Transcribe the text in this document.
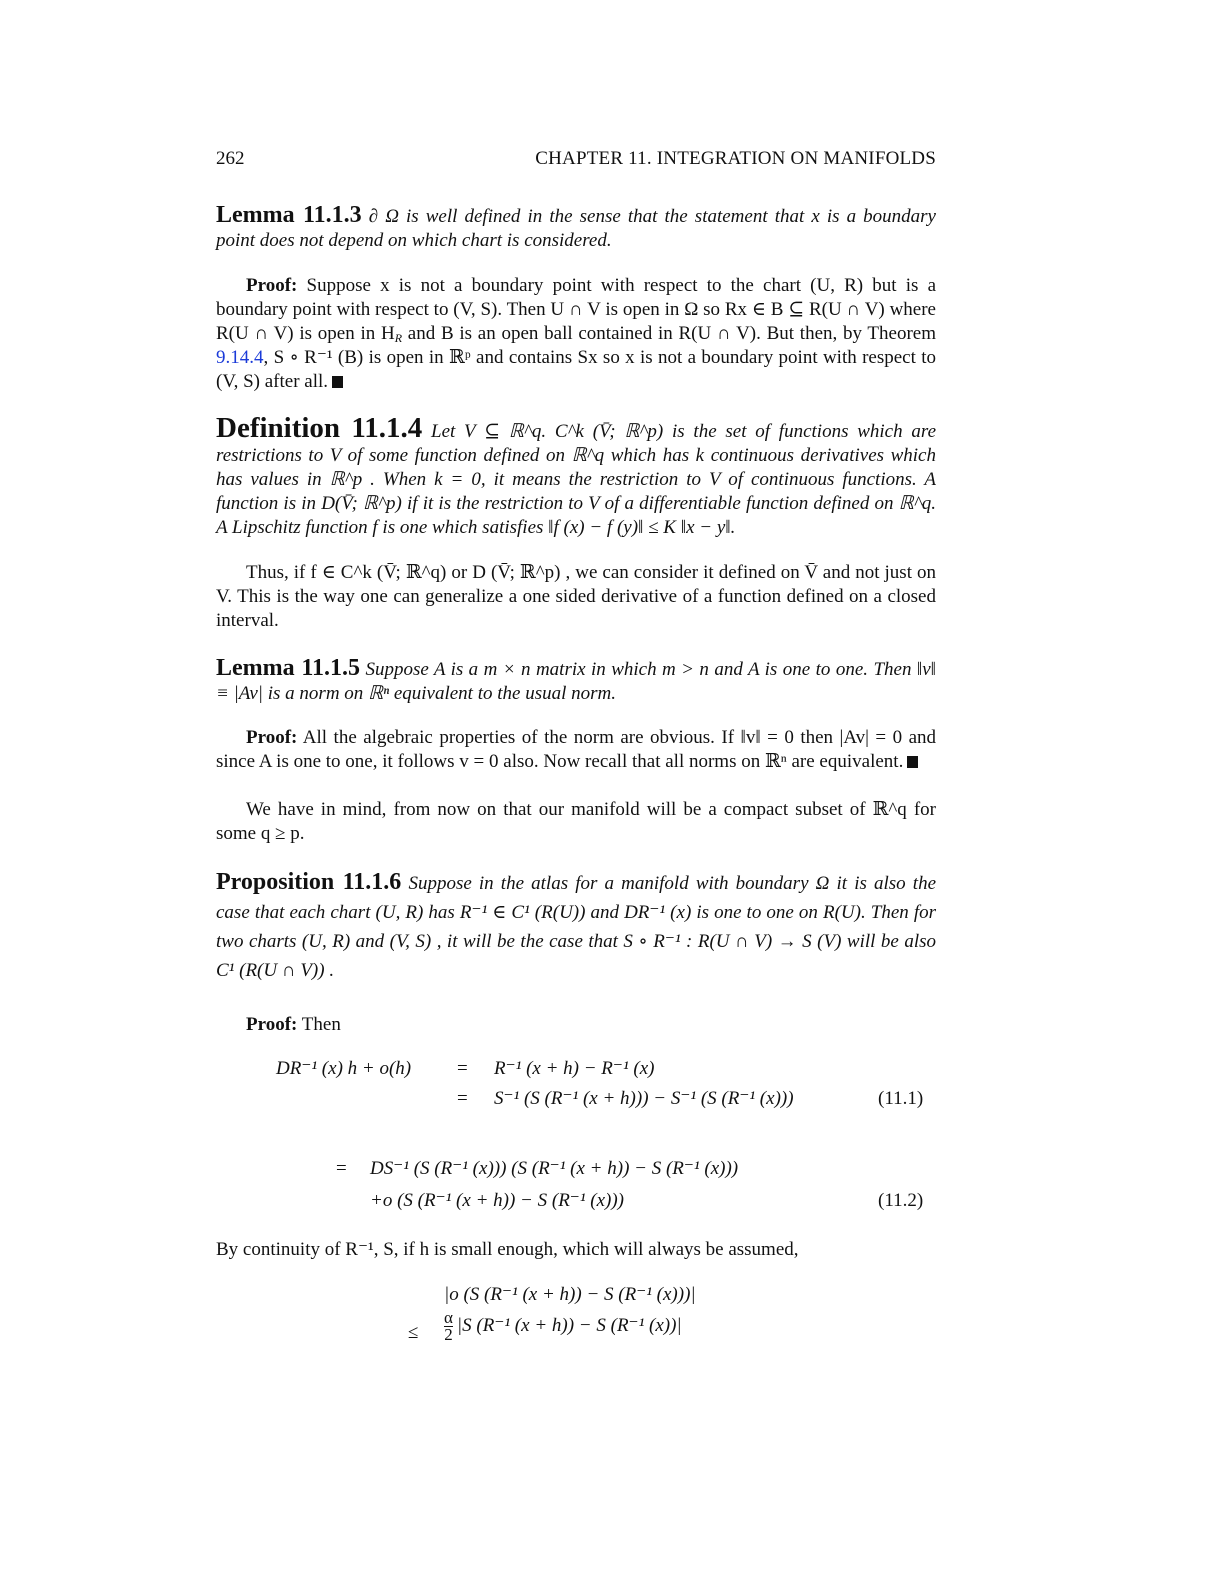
262	CHAPTER 11. INTEGRATION ON MANIFOLDS
Lemma 11.1.3 ∂ Ω is well defined in the sense that the statement that x is a boundary point does not depend on which chart is considered.
Proof: Suppose x is not a boundary point with respect to the chart (U, R) but is a boundary point with respect to (V, S). Then U ∩ V is open in Ω so Rx ∈ B ⊆ R(U ∩ V) where R(U ∩ V) is open in $H_R$ and B is an open ball contained in R(U ∩ V). But then, by Theorem 9.14.4, S ∘ R⁻¹ (B) is open in ℝᵖ and contains Sx so x is not a boundary point with respect to (V, S) after all.
Definition 11.1.4 Let V ⊆ ℝ^q. C^k (V̄; ℝ^p) is the set of functions which are restrictions to V of some function defined on ℝ^q which has k continuous derivatives which has values in ℝ^p . When k = 0, it means the restriction to V of continuous functions. A function is in D(V̄; ℝ^p) if it is the restriction to V of a differentiable function defined on ℝ^q. A Lipschitz function f is one which satisfies ‖f (x) − f (y)‖ ≤ K ‖x − y‖.
Thus, if f ∈ C^k (V̄; ℝ^q) or D (V̄; ℝ^p) , we can consider it defined on V̄ and not just on V. This is the way one can generalize a one sided derivative of a function defined on a closed interval.
Lemma 11.1.5 Suppose A is a m × n matrix in which m > n and A is one to one. Then ‖v‖ ≡ |Av| is a norm on ℝⁿ equivalent to the usual norm.
Proof: All the algebraic properties of the norm are obvious. If ‖v‖ = 0 then |Av| = 0 and since A is one to one, it follows v = 0 also. Now recall that all norms on ℝⁿ are equivalent.
We have in mind, from now on that our manifold will be a compact subset of ℝ^q for some q ≥ p.
Proposition 11.1.6 Suppose in the atlas for a manifold with boundary Ω it is also the case that each chart (U, R) has R⁻¹ ∈ C¹ (R(U)) and DR⁻¹ (x) is one to one on R(U). Then for two charts (U, R) and (V, S) , it will be the case that S ∘ R⁻¹ : R(U ∩ V) → S (V) will be also C¹ (R(U ∩ V)) .
Proof: Then
DR⁻¹ (x) h + o(h) = R⁻¹ (x + h) − R⁻¹ (x)
= S⁻¹ (S (R⁻¹ (x + h))) − S⁻¹ (S (R⁻¹ (x)))	(11.1)
= DS⁻¹ (S (R⁻¹ (x))) (S (R⁻¹ (x + h)) − S (R⁻¹ (x)))
+o (S (R⁻¹ (x + h)) − S (R⁻¹ (x)))	(11.2)
By continuity of R⁻¹, S, if h is small enough, which will always be assumed,
|o (S (R⁻¹ (x + h)) − S (R⁻¹ (x)))|
≤ $\frac{\alpha}{2} |S$ (R⁻¹ (x + h)) − S (R⁻¹ (x))|
